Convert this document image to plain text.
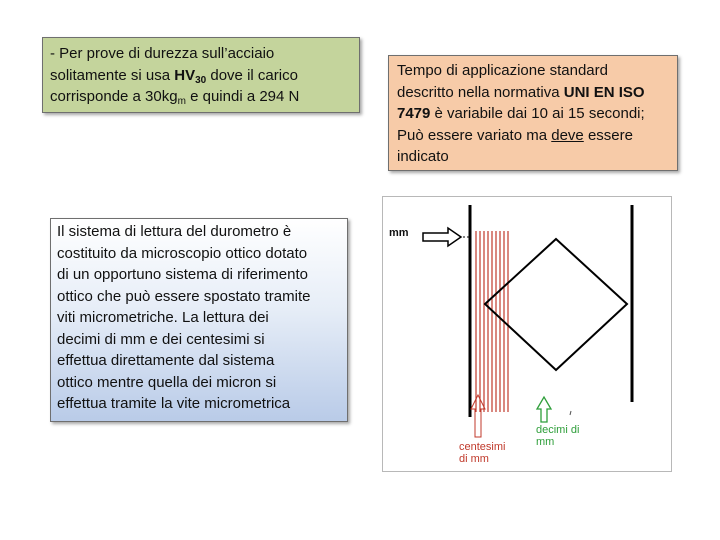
- Per prove di durezza sull’acciaio
solitamente si usa $HV_{30}$ dove il carico
corrisponde a $30kg_m$ e quindi a 294 N
Tempo di applicazione standard
descritto nella normativa UNI EN ISO
7479 è variabile dai 10 ai 15 secondi;
Può essere variato ma deve essere
indicato
Il sistema di lettura del durometro è
costituito da microscopio ottico dotato
di un opportuno sistema di riferimento
ottico che può essere spostato tramite
viti micrometriche. La lettura dei
decimi di mm e dei centesimi si
effettua direttamente dal sistema
ottico mentre quella dei micron si
effettua tramite la vite micrometrica
mm
centesimi
di mm
decimi di
mm
